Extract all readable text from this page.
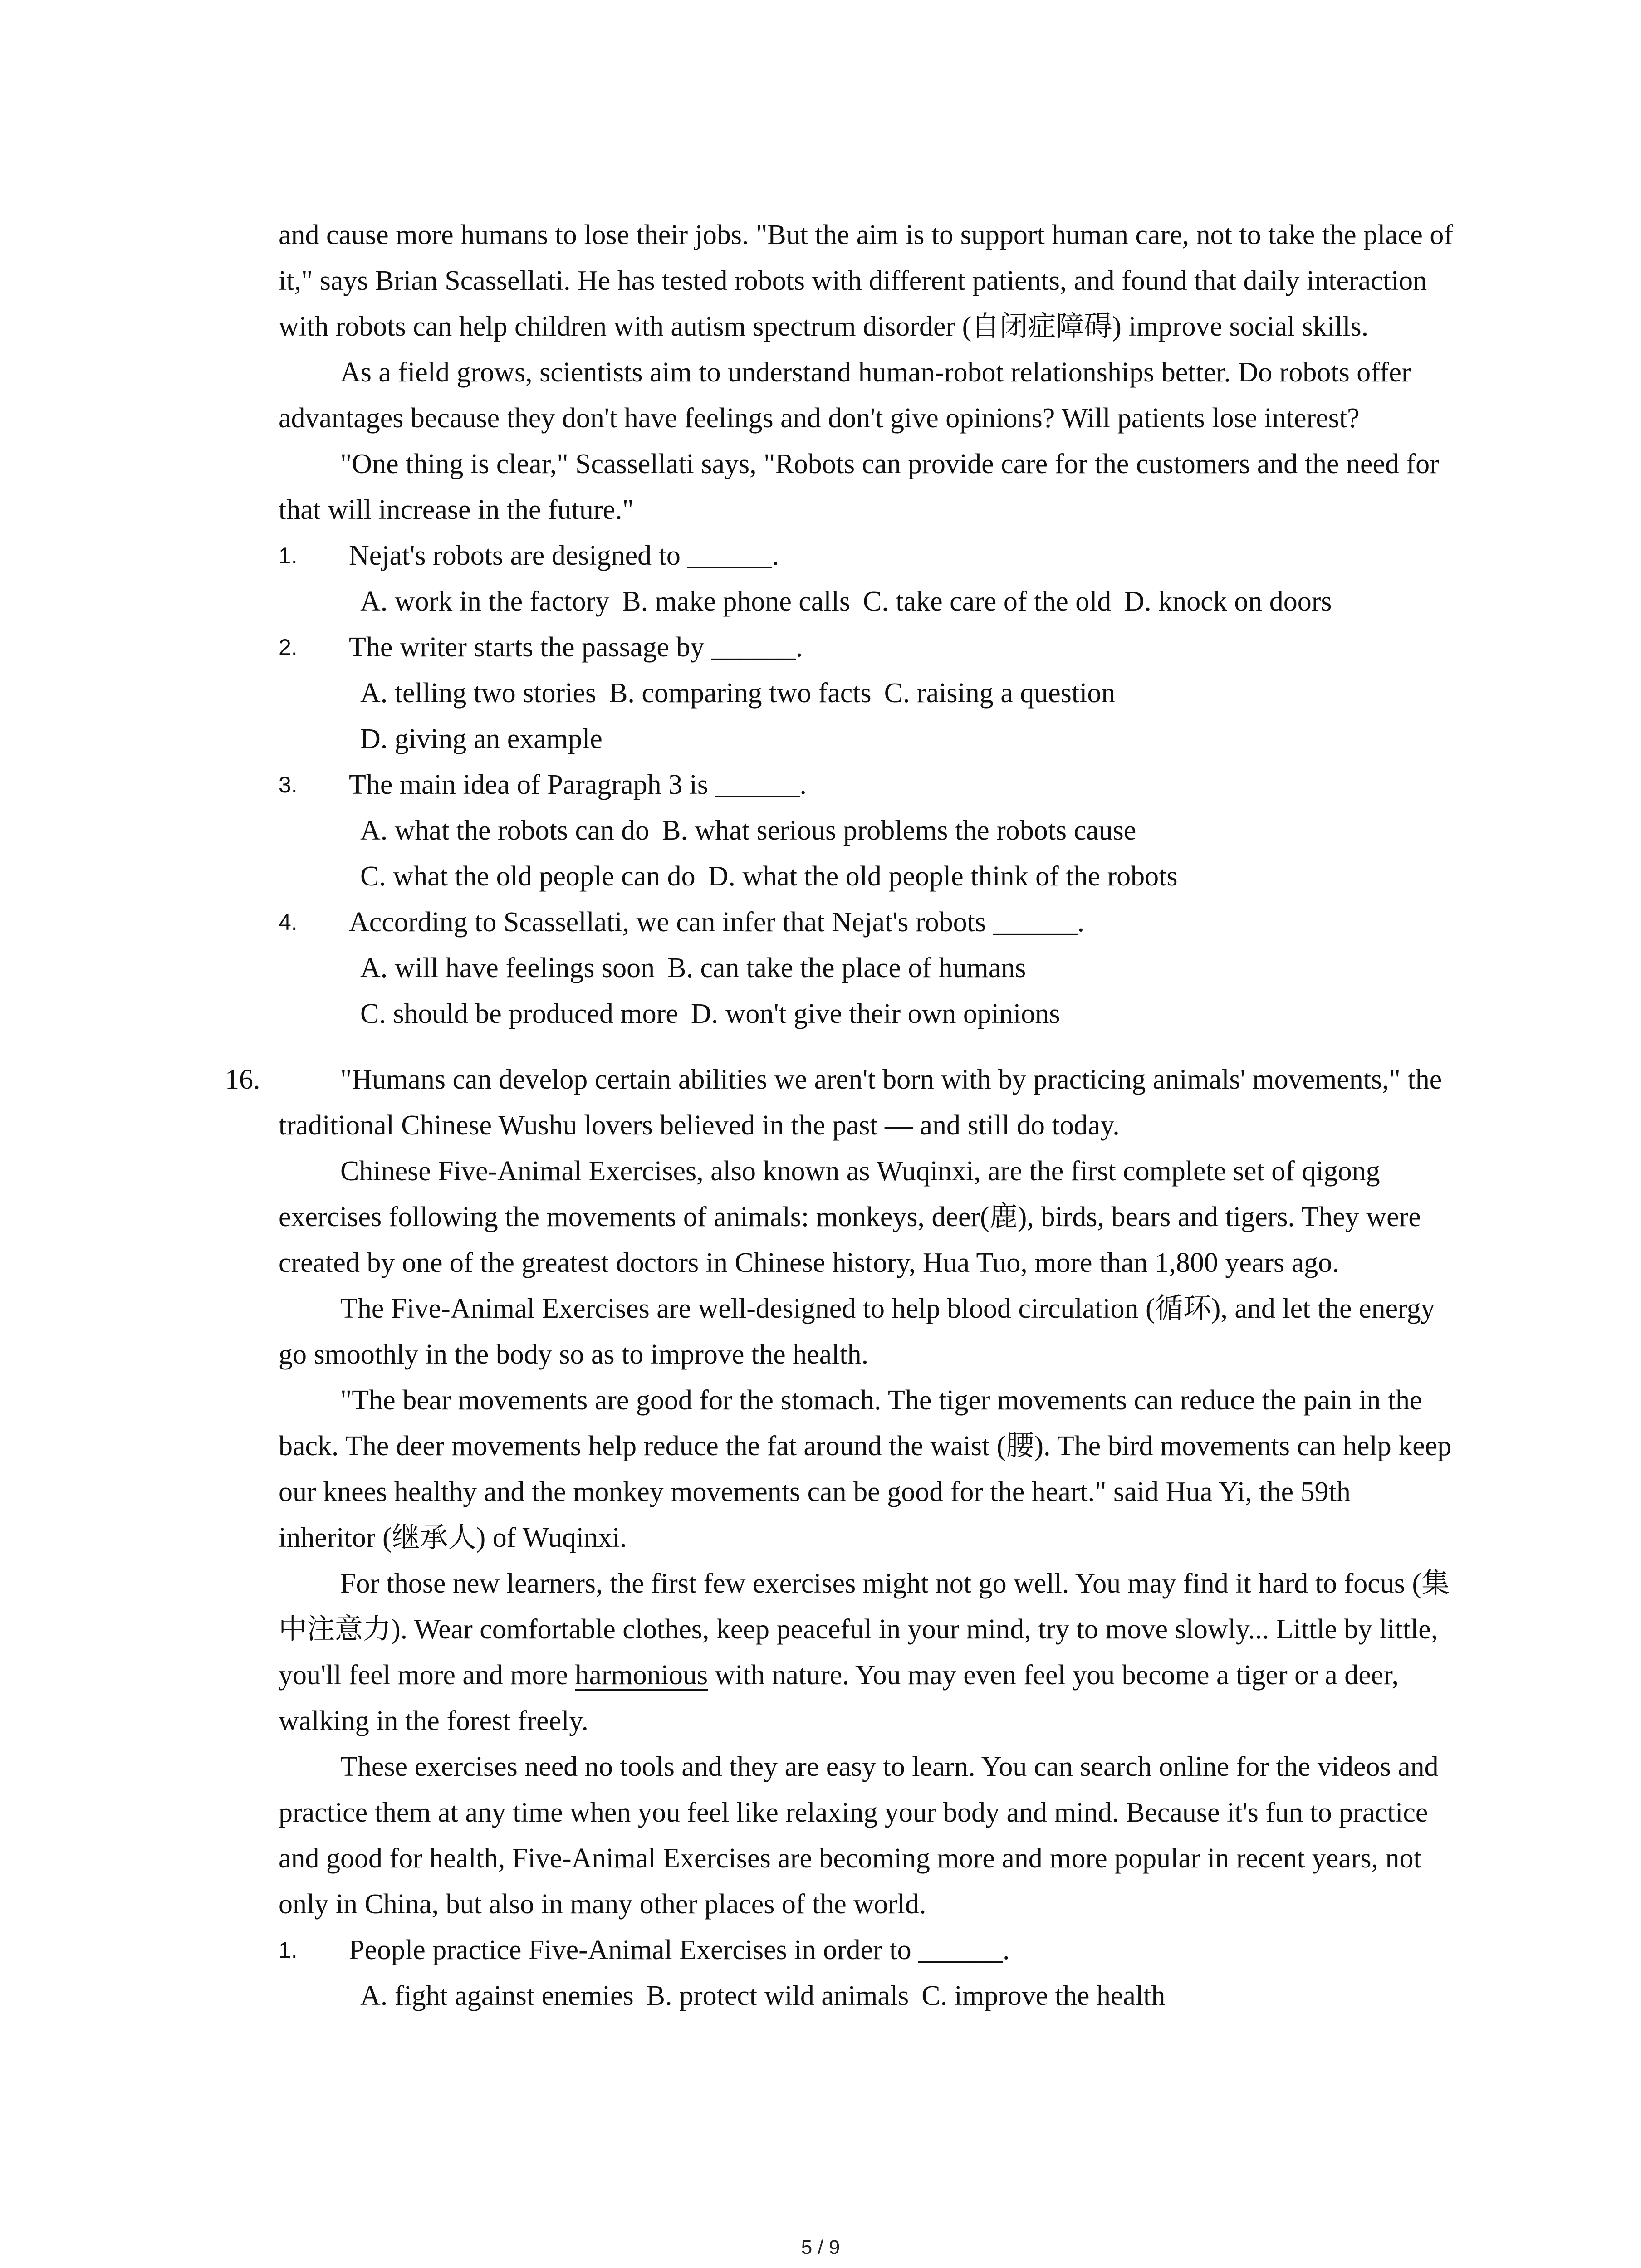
and cause more humans to lose their jobs. "But the aim is to support human care, not to take the place of it," says Brian Scassellati. He has tested robots with different patients, and found that daily interaction with robots can help children with autism spectrum disorder (自闭症障碍) improve social skills.

As a field grows, scientists aim to understand human-robot relationships better. Do robots offer advantages because they don't have feelings and don't give opinions? Will patients lose interest?

"One thing is clear," Scassellati says, "Robots can provide care for the customers and the need for that will increase in the future."

1. Nejat's robots are designed to ______.

A. work in the factory B. make phone calls C. take care of the old D. knock on doors

2. The writer starts the passage by ______.

A. telling two stories B. comparing two facts C. raising a question

D. giving an example

3. The main idea of Paragraph 3 is ______.

A. what the robots can do B. what serious problems the robots cause

C. what the old people can do D. what the old people think of the robots

4. According to Scassellati, we can infer that Nejat's robots ______.

A. will have feelings soon B. can take the place of humans

C. should be produced more D. won't give their own opinions

16.	"Humans can develop certain abilities we aren't born with by practicing animals' movements," the traditional Chinese Wushu lovers believed in the past — and still do today.

Chinese Five-Animal Exercises, also known as Wuqinxi, are the first complete set of qigong exercises following the movements of animals: monkeys, deer(鹿), birds, bears and tigers. They were created by one of the greatest doctors in Chinese history, Hua Tuo, more than 1,800 years ago.

The Five-Animal Exercises are well-designed to help blood circulation (循环), and let the energy go smoothly in the body so as to improve the health.

"The bear movements are good for the stomach. The tiger movements can reduce the pain in the back. The deer movements help reduce the fat around the waist (腰). The bird movements can help keep our knees healthy and the monkey movements can be good for the heart." said Hua Yi, the 59th inheritor (继承人) of Wuqinxi.

For those new learners, the first few exercises might not go well. You may find it hard to focus (集中注意力). Wear comfortable clothes, keep peaceful in your mind, try to move slowly... Little by little, you'll feel more and more harmonious with nature. You may even feel you become a tiger or a deer, walking in the forest freely.

These exercises need no tools and they are easy to learn. You can search online for the videos and practice them at any time when you feel like relaxing your body and mind. Because it's fun to practice and good for health, Five-Animal Exercises are becoming more and more popular in recent years, not only in China, but also in many other places of the world.

1. People practice Five-Animal Exercises in order to ______.

A. fight against enemies B. protect wild animals C. improve the health

5 / 9
